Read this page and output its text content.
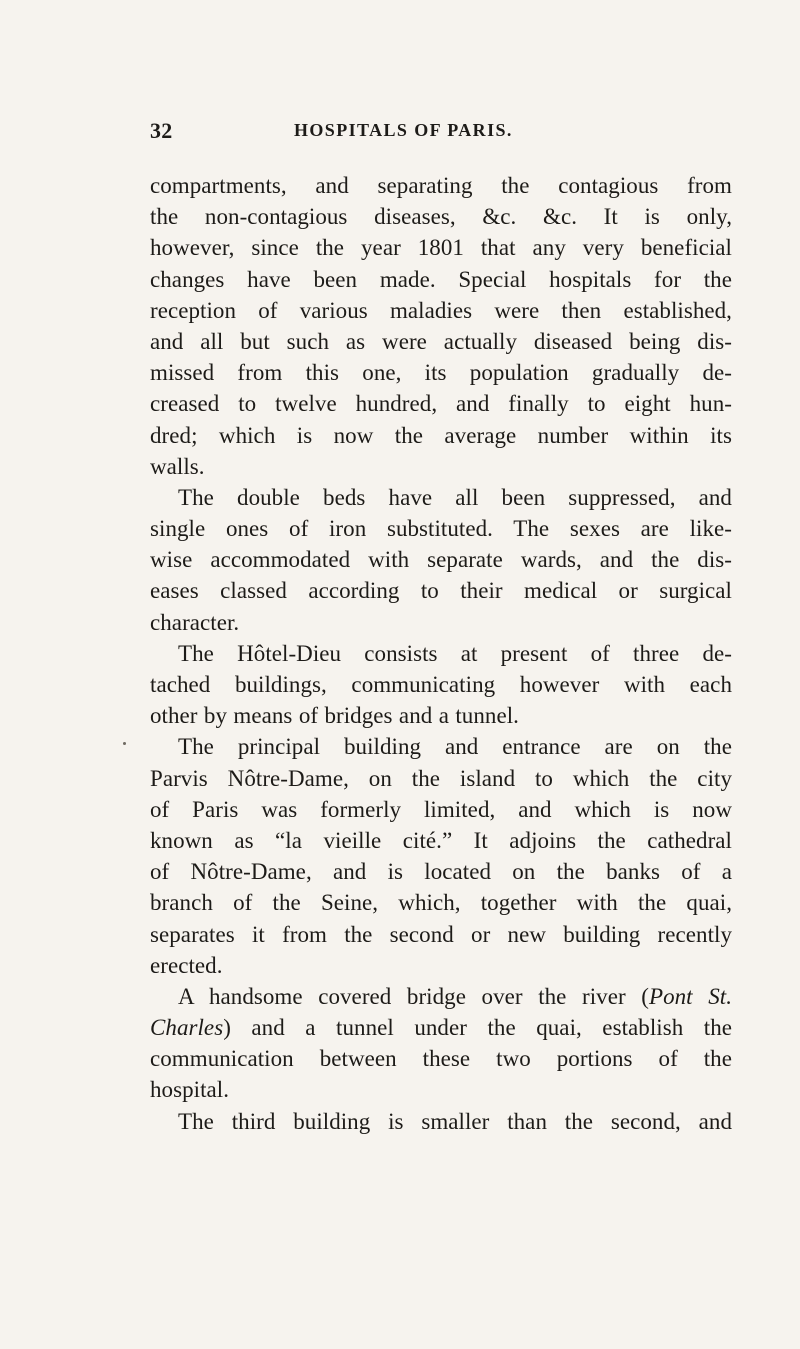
32	HOSPITALS OF PARIS.
compartments, and separating the contagious from
the non-contagious diseases, &c. &c. It is only,
however, since the year 1801 that any very beneficial
changes have been made. Special hospitals for the
reception of various maladies were then established,
and all but such as were actually diseased being dis-
missed from this one, its population gradually de-
creased to twelve hundred, and finally to eight hun-
dred; which is now the average number within its
walls.
The double beds have all been suppressed, and
single ones of iron substituted. The sexes are like-
wise accommodated with separate wards, and the dis-
eases classed according to their medical or surgical
character.
The Hôtel-Dieu consists at present of three de-
tached buildings, communicating however with each
other by means of bridges and a tunnel.
The principal building and entrance are on the
Parvis Nôtre-Dame, on the island to which the city
of Paris was formerly limited, and which is now
known as “la vieille cité.” It adjoins the cathedral
of Nôtre-Dame, and is located on the banks of a
branch of the Seine, which, together with the quai,
separates it from the second or new building recently
erected.
A handsome covered bridge over the river (Pont St.
Charles) and a tunnel under the quai, establish the
communication between these two portions of the
hospital.
The third building is smaller than the second, and
